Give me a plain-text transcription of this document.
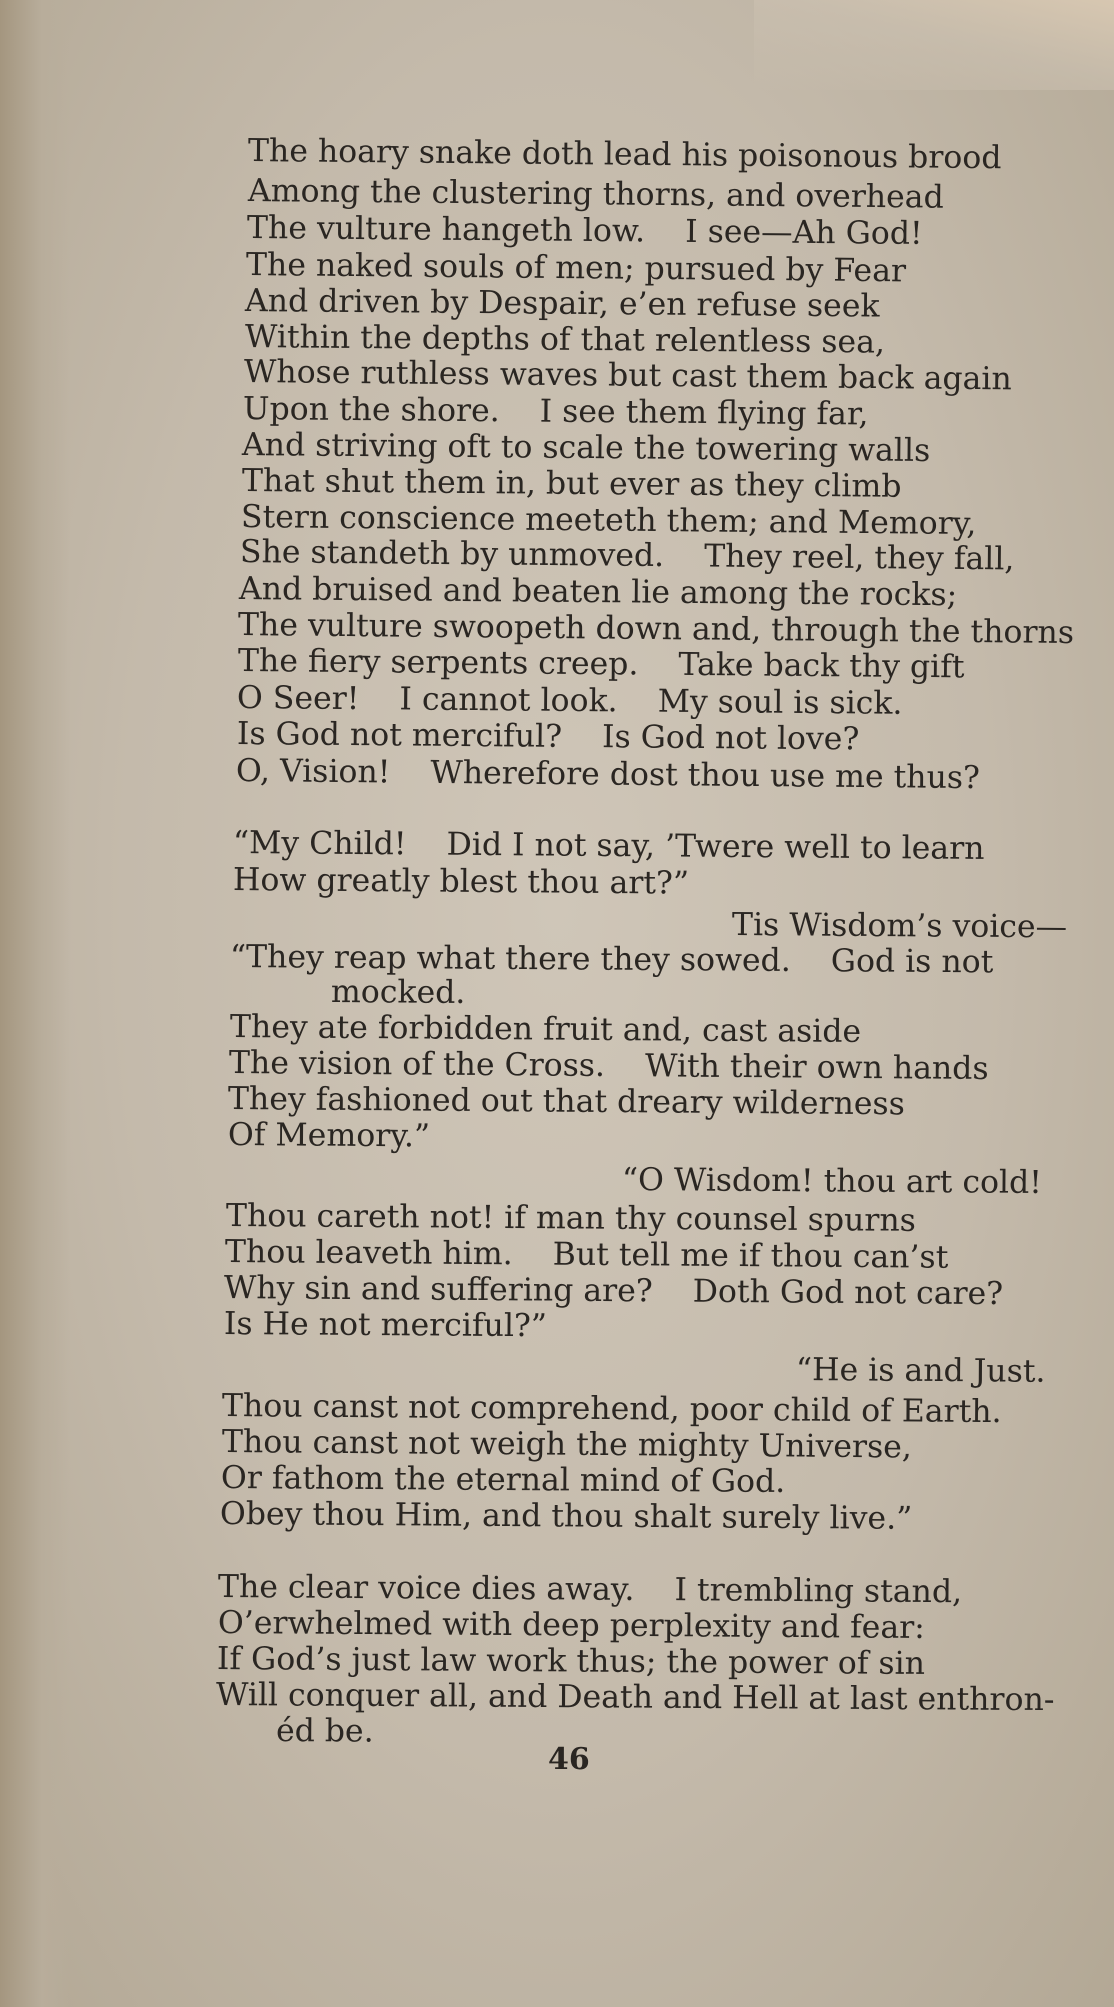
The hoary snake doth lead his poisonous brood
Among the clustering thorns, and overhead
The vulture hangeth low.    I see—Ah God!
The naked souls of men; pursued by Fear
And driven by Despair, e’en refuse seek
Within the depths of that relentless sea,
Whose ruthless waves but cast them back again
Upon the shore.    I see them flying far,
And striving oft to scale the towering walls
That shut them in, but ever as they climb
Stern conscience meeteth them; and Memory,
She standeth by unmoved.    They reel, they fall,
And bruised and beaten lie among the rocks;
The vulture swoopeth down and, through the thorns
The fiery serpents creep.    Take back thy gift
O Seer!    I cannot look.    My soul is sick.
Is God not merciful?    Is God not love?
O, Vision!    Wherefore dost thou use me thus?
“My Child!    Did I not say, ’Twere well to learn
How greatly blest thou art?”
Tis Wisdom’s voice—
“They reap what there they sowed.    God is not
mocked.
They ate forbidden fruit and, cast aside
The vision of the Cross.    With their own hands
They fashioned out that dreary wilderness
Of Memory.”
“O Wisdom! thou art cold!
Thou careth not! if man thy counsel spurns
Thou leaveth him.    But tell me if thou can’st
Why sin and suffering are?    Doth God not care?
Is He not merciful?”
“He is and Just.
Thou canst not comprehend, poor child of Earth.
Thou canst not weigh the mighty Universe,
Or fathom the eternal mind of God.
Obey thou Him, and thou shalt surely live.”
The clear voice dies away.    I trembling stand,
O’erwhelmed with deep perplexity and fear:
If God’s just law work thus; the power of sin
Will conquer all, and Death and Hell at last enthron-
éd be.
46
